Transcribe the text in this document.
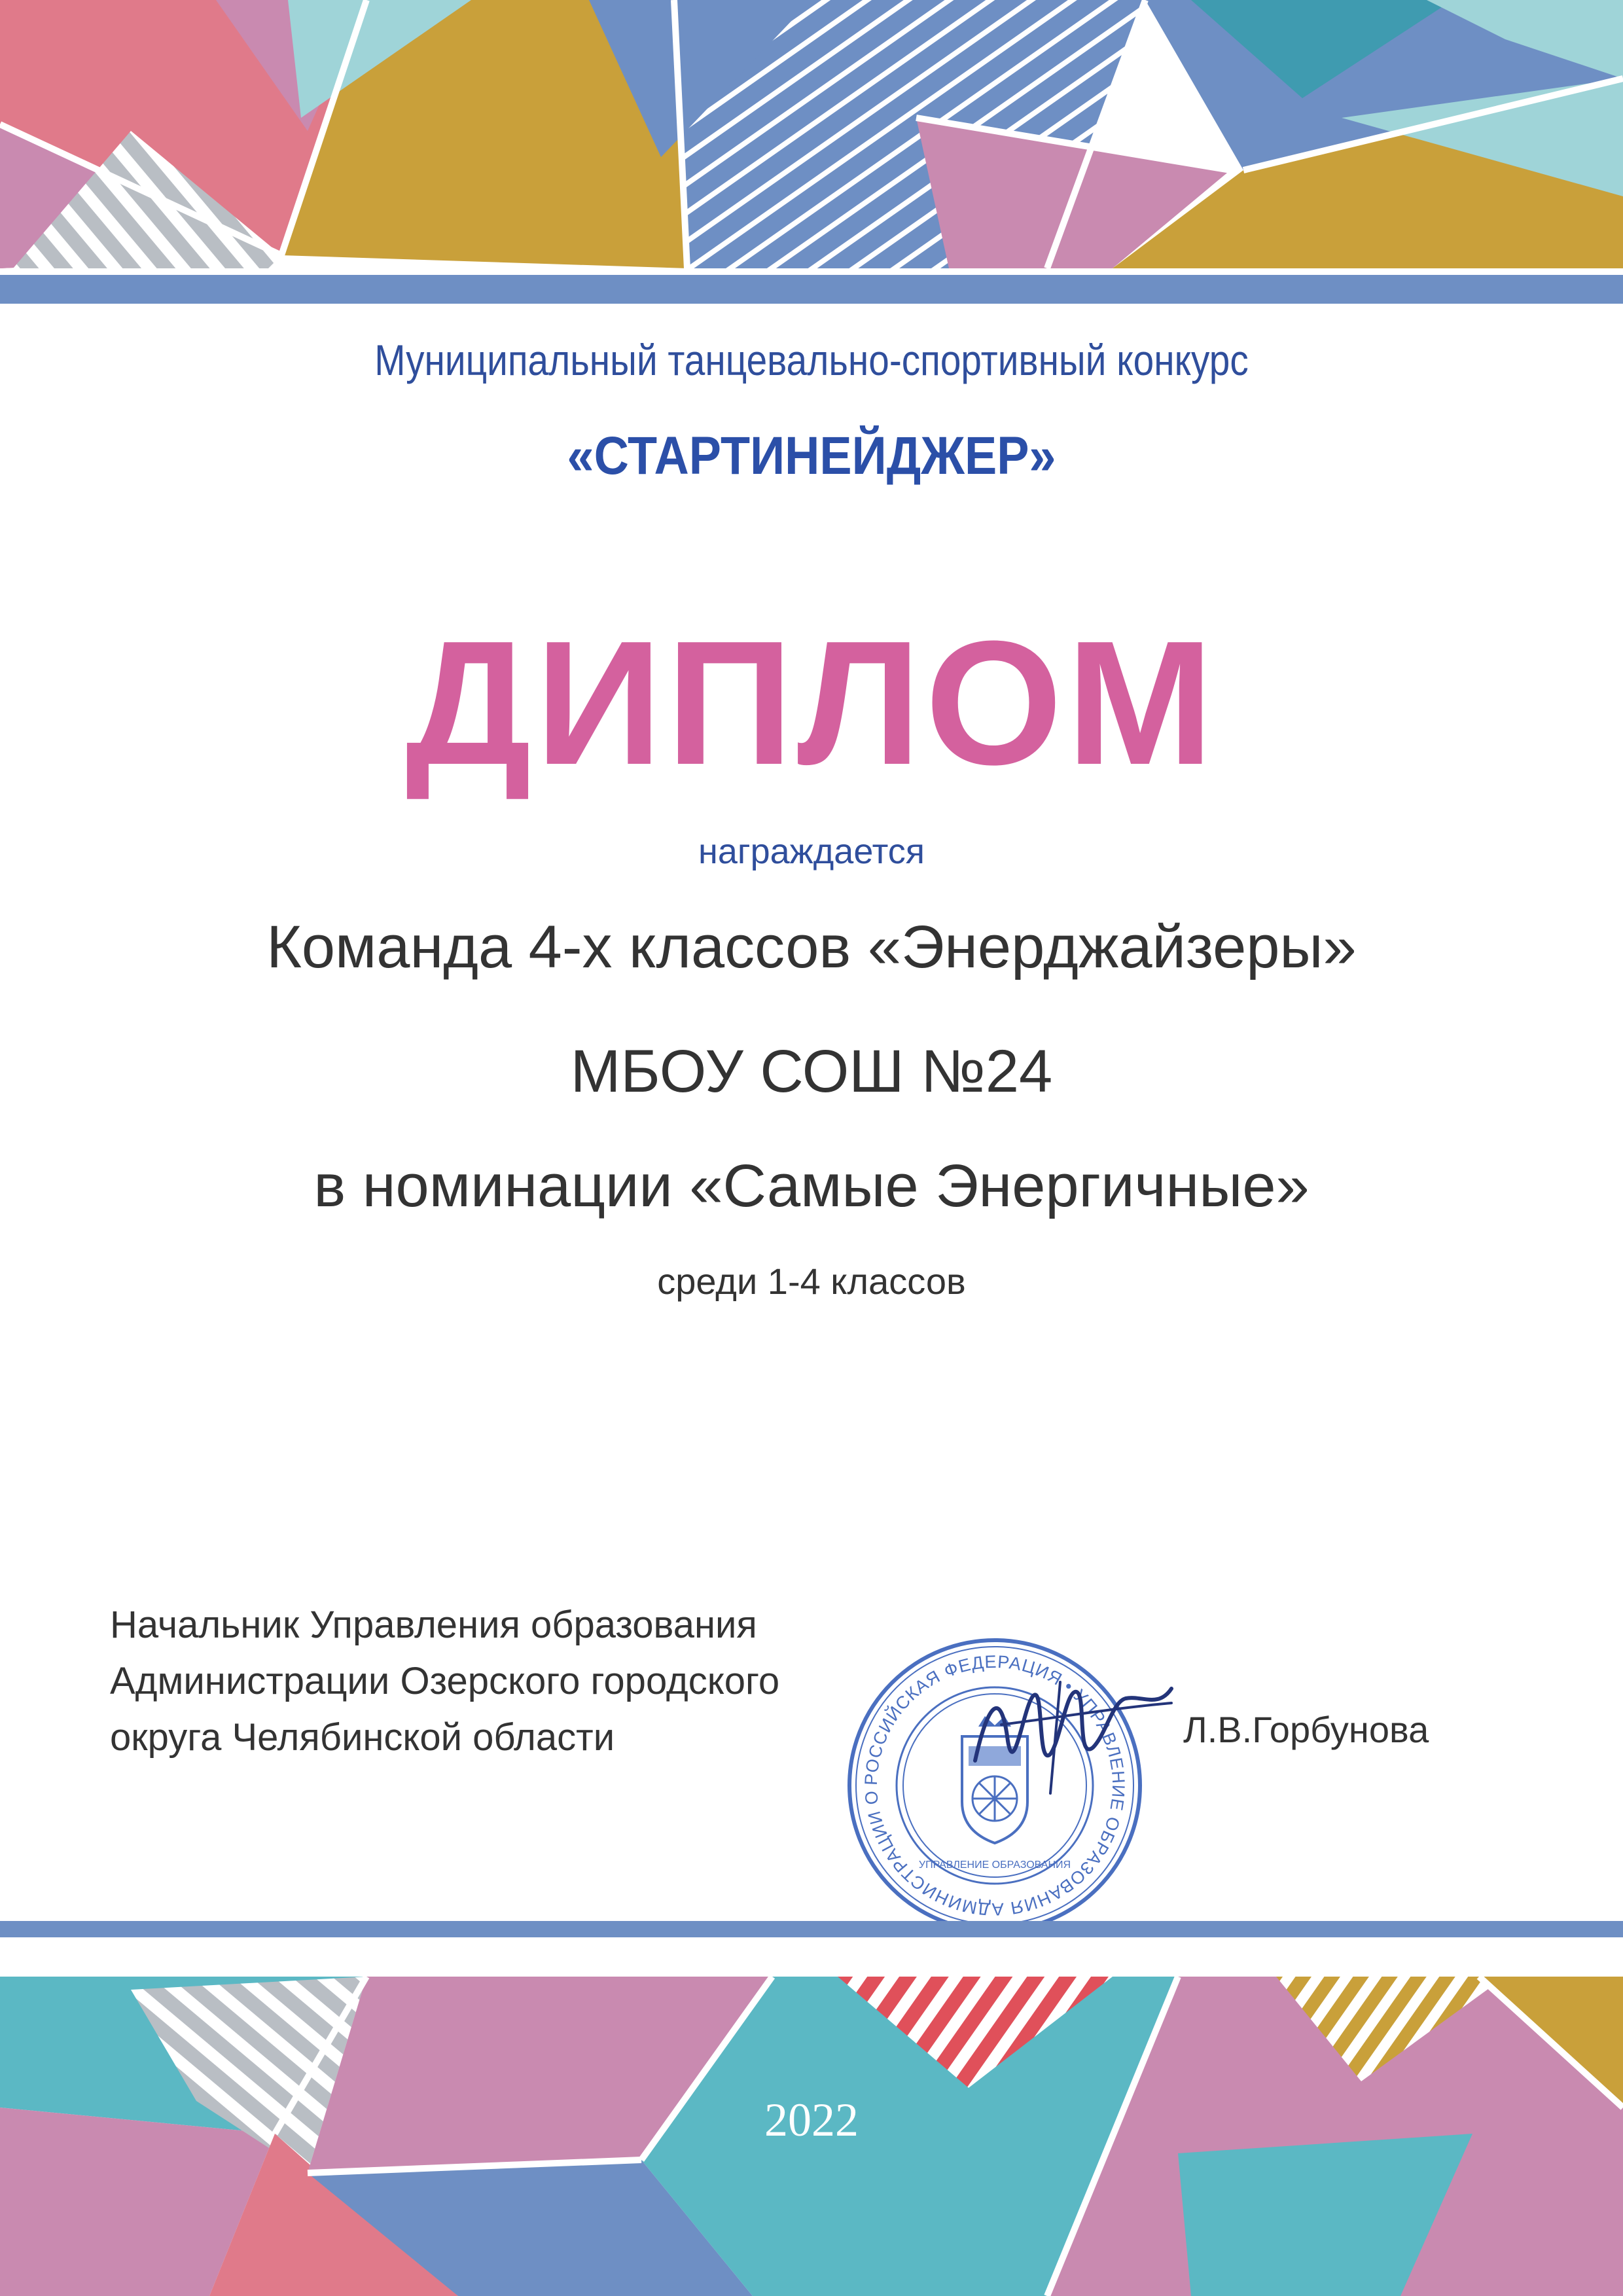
Муниципальный танцевально-спортивный конкурс
«СТАРТИНЕЙДЖЕР»
ДИПЛОМ
награждается
Команда 4-х классов «Энерджайзеры»
МБОУ СОШ №24
в номинации «Самые Энергичные»
среди 1-4 классов
Начальник Управления образования
Администрации Озерского городского
округа Челябинской области
РОССИЙСКАЯ ФЕДЕРАЦИЯ • УПРАВЛЕНИЕ ОБРАЗОВАНИЯ АДМИНИСТРАЦИИ О
УПРАВЛЕНИЕ ОБРАЗОВАНИЯ
Л.В.Горбунова
2022
